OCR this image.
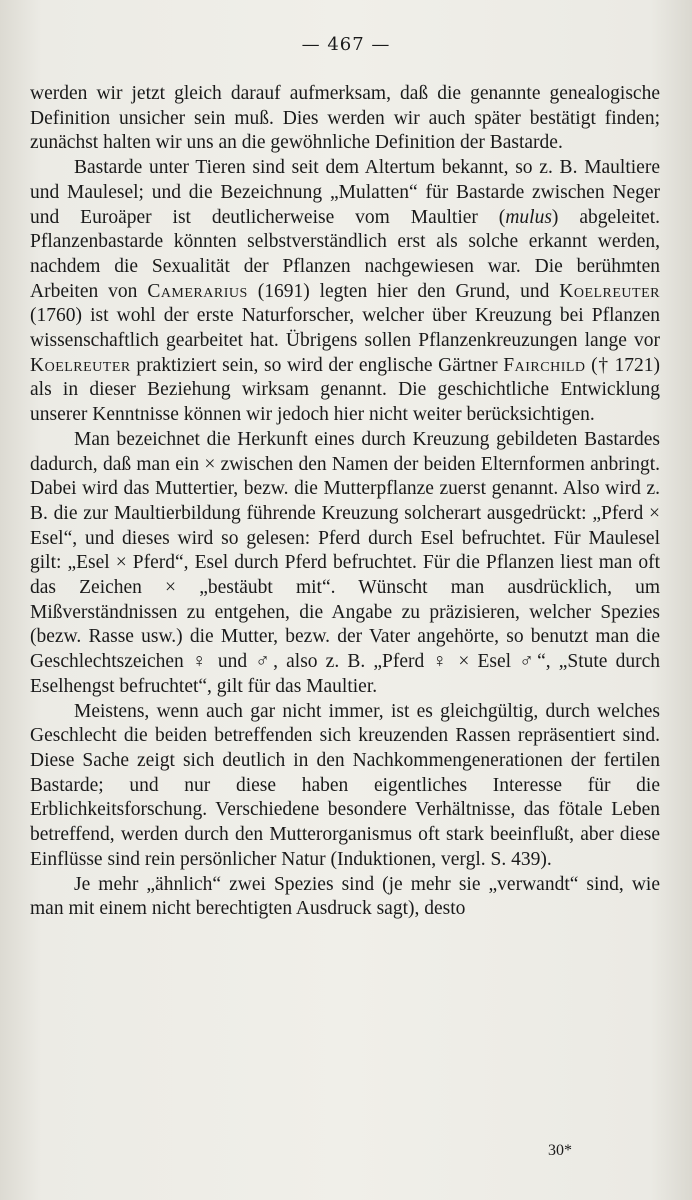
— 467 —

werden wir jetzt gleich darauf aufmerksam, daß die genannte genealogische Definition unsicher sein muß. Dies werden wir auch später bestätigt finden; zunächst halten wir uns an die gewöhnliche Definition der Bastarde.

Bastarde unter Tieren sind seit dem Altertum bekannt, so z. B. Maultiere und Maulesel; und die Bezeichnung „Mulatten“ für Bastarde zwischen Neger und Euroäper ist deutlicherweise vom Maultier (mulus) abgeleitet. Pflanzenbastarde könnten selbstverständlich erst als solche erkannt werden, nachdem die Sexualität der Pflanzen nachgewiesen war. Die berühmten Arbeiten von Camerarius (1691) legten hier den Grund, und Koelreuter (1760) ist wohl der erste Naturforscher, welcher über Kreuzung bei Pflanzen wissenschaftlich gearbeitet hat. Übrigens sollen Pflanzenkreuzungen lange vor Koelreuter praktiziert sein, so wird der englische Gärtner Fairchild († 1721) als in dieser Beziehung wirksam genannt. Die geschichtliche Entwicklung unserer Kenntnisse können wir jedoch hier nicht weiter berücksichtigen.

Man bezeichnet die Herkunft eines durch Kreuzung gebildeten Bastardes dadurch, daß man ein × zwischen den Namen der beiden Elternformen anbringt. Dabei wird das Muttertier, bezw. die Mutterpflanze zuerst genannt. Also wird z. B. die zur Maultierbildung führende Kreuzung solcherart ausgedrückt: „Pferd × Esel“, und dieses wird so gelesen: Pferd durch Esel befruchtet. Für Maulesel gilt: „Esel × Pferd“, Esel durch Pferd befruchtet. Für die Pflanzen liest man oft das Zeichen × „bestäubt mit“. Wünscht man ausdrücklich, um Mißverständnissen zu entgehen, die Angabe zu präzisieren, welcher Spezies (bezw. Rasse usw.) die Mutter, bezw. der Vater angehörte, so benutzt man die Geschlechtszeichen ♀ und ♂, also z. B. „Pferd ♀ × Esel ♂“, „Stute durch Eselhengst befruchtet“, gilt für das Maultier.

Meistens, wenn auch gar nicht immer, ist es gleichgültig, durch welches Geschlecht die beiden betreffenden sich kreuzenden Rassen repräsentiert sind. Diese Sache zeigt sich deutlich in den Nachkommengenerationen der fertilen Bastarde; und nur diese haben eigentliches Interesse für die Erblichkeitsforschung. Verschiedene besondere Verhältnisse, das fötale Leben betreffend, werden durch den Mutterorganismus oft stark beeinflußt, aber diese Einflüsse sind rein persönlicher Natur (Induktionen, vergl. S. 439).

Je mehr „ähnlich“ zwei Spezies sind (je mehr sie „verwandt“ sind, wie man mit einem nicht berechtigten Ausdruck sagt), desto

30*
